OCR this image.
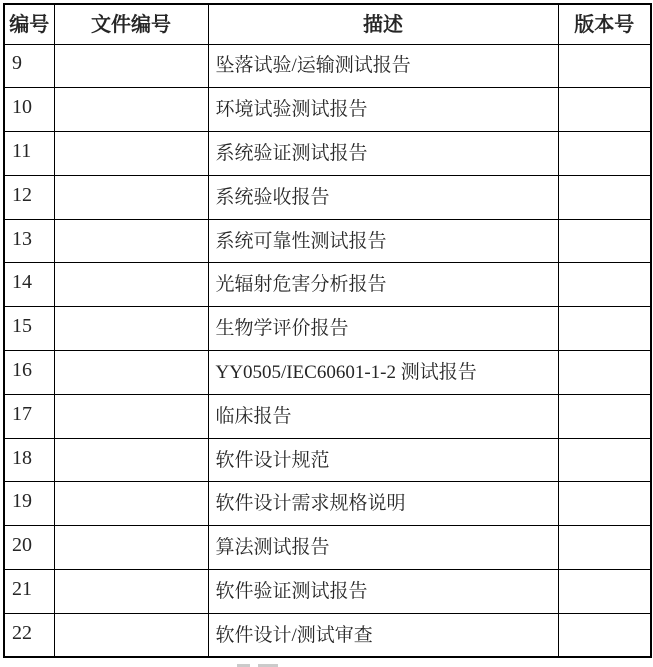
编号	文件编号	描述	版本号
9		坠落试验/运输测试报告	
10		环境试验测试报告	
11		系统验证测试报告	
12		系统验收报告	
13		系统可靠性测试报告	
14		光辐射危害分析报告	
15		生物学评价报告	
16		YY0505/IEC60601-1-2 测试报告	
17		临床报告	
18		软件设计规范	
19		软件设计需求规格说明	
20		算法测试报告	
21		软件验证测试报告	
22		软件设计/测试审查	
